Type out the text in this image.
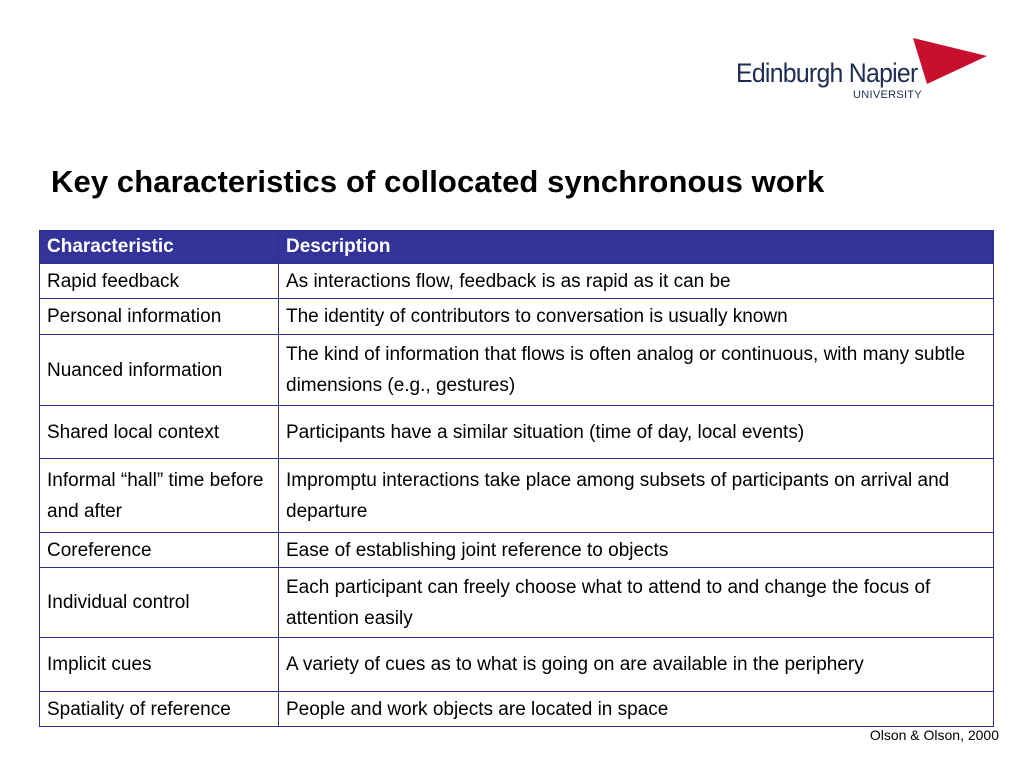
Edinburgh Napier
UNIVERSITY
Key characteristics of collocated synchronous work
Characteristic	Description
Rapid feedback	As interactions flow, feedback is as rapid as it can be
Personal information	The identity of contributors to conversation is usually known
Nuanced information	The kind of information that flows is often analog or continuous, with many subtle dimensions (e.g., gestures)
Shared local context	Participants have a similar situation (time of day, local events)
Informal “hall” time before and after	Impromptu interactions take place among subsets of participants on arrival and departure
Coreference	Ease of establishing joint reference to objects
Individual control	Each participant can freely choose what to attend to and change the focus of attention easily
Implicit cues	A variety of cues as to what is going on are available in the periphery
Spatiality of reference	People and work objects are located in space
Olson & Olson, 2000
